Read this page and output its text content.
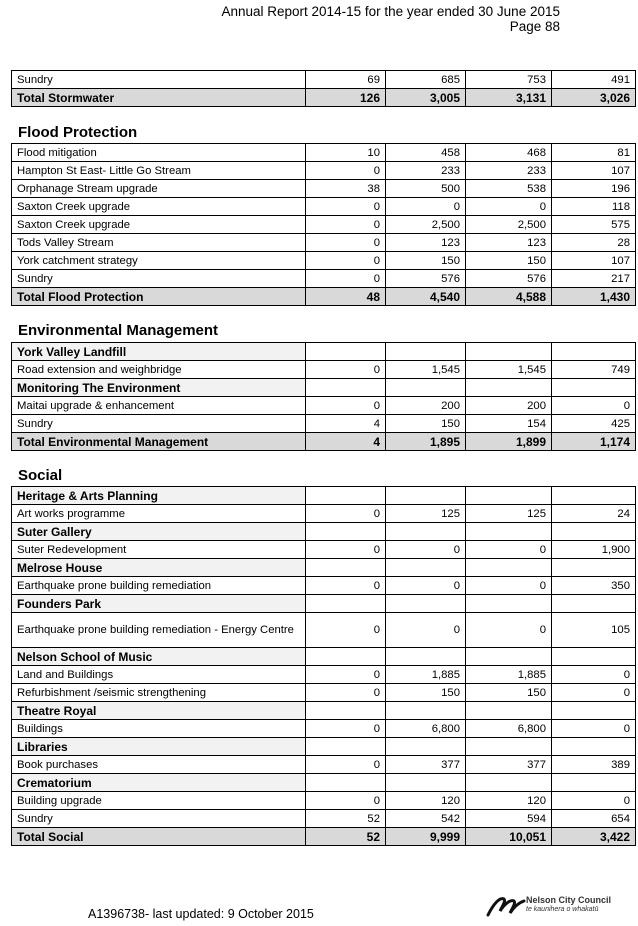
Annual Report 2014-15 for the year ended 30 June 2015
Page 88
Sundry	69	685	753	491
Total Stormwater	126	3,005	3,131	3,026
Flood Protection
Flood mitigation	10	458	468	81
Hampton St East- Little Go Stream	0	233	233	107
Orphanage Stream upgrade	38	500	538	196
Saxton Creek upgrade	0	0	0	118
Saxton Creek upgrade	0	2,500	2,500	575
Tods Valley Stream	0	123	123	28
York catchment strategy	0	150	150	107
Sundry	0	576	576	217
Total Flood Protection	48	4,540	4,588	1,430
Environmental Management
York Valley Landfill				
Road extension and weighbridge	0	1,545	1,545	749
Monitoring The Environment				
Maitai upgrade & enhancement	0	200	200	0
Sundry	4	150	154	425
Total Environmental Management	4	1,895	1,899	1,174
Social
Heritage & Arts Planning				
Art works programme	0	125	125	24
Suter Gallery				
Suter Redevelopment	0	0	0	1,900
Melrose House				
Earthquake prone building remediation	0	0	0	350
Founders Park				
Earthquake prone building remediation - Energy Centre	0	0	0	105
Nelson School of Music				
Land and Buildings	0	1,885	1,885	0
Refurbishment /seismic strengthening	0	150	150	0
Theatre Royal				
Buildings	0	6,800	6,800	0
Libraries				
Book purchases	0	377	377	389
Crematorium				
Building upgrade	0	120	120	0
Sundry	52	542	594	654
Total Social	52	9,999	10,051	3,422
A1396738- last updated: 9 October 2015
Nelson City Council
te kaunihera o whakatū
